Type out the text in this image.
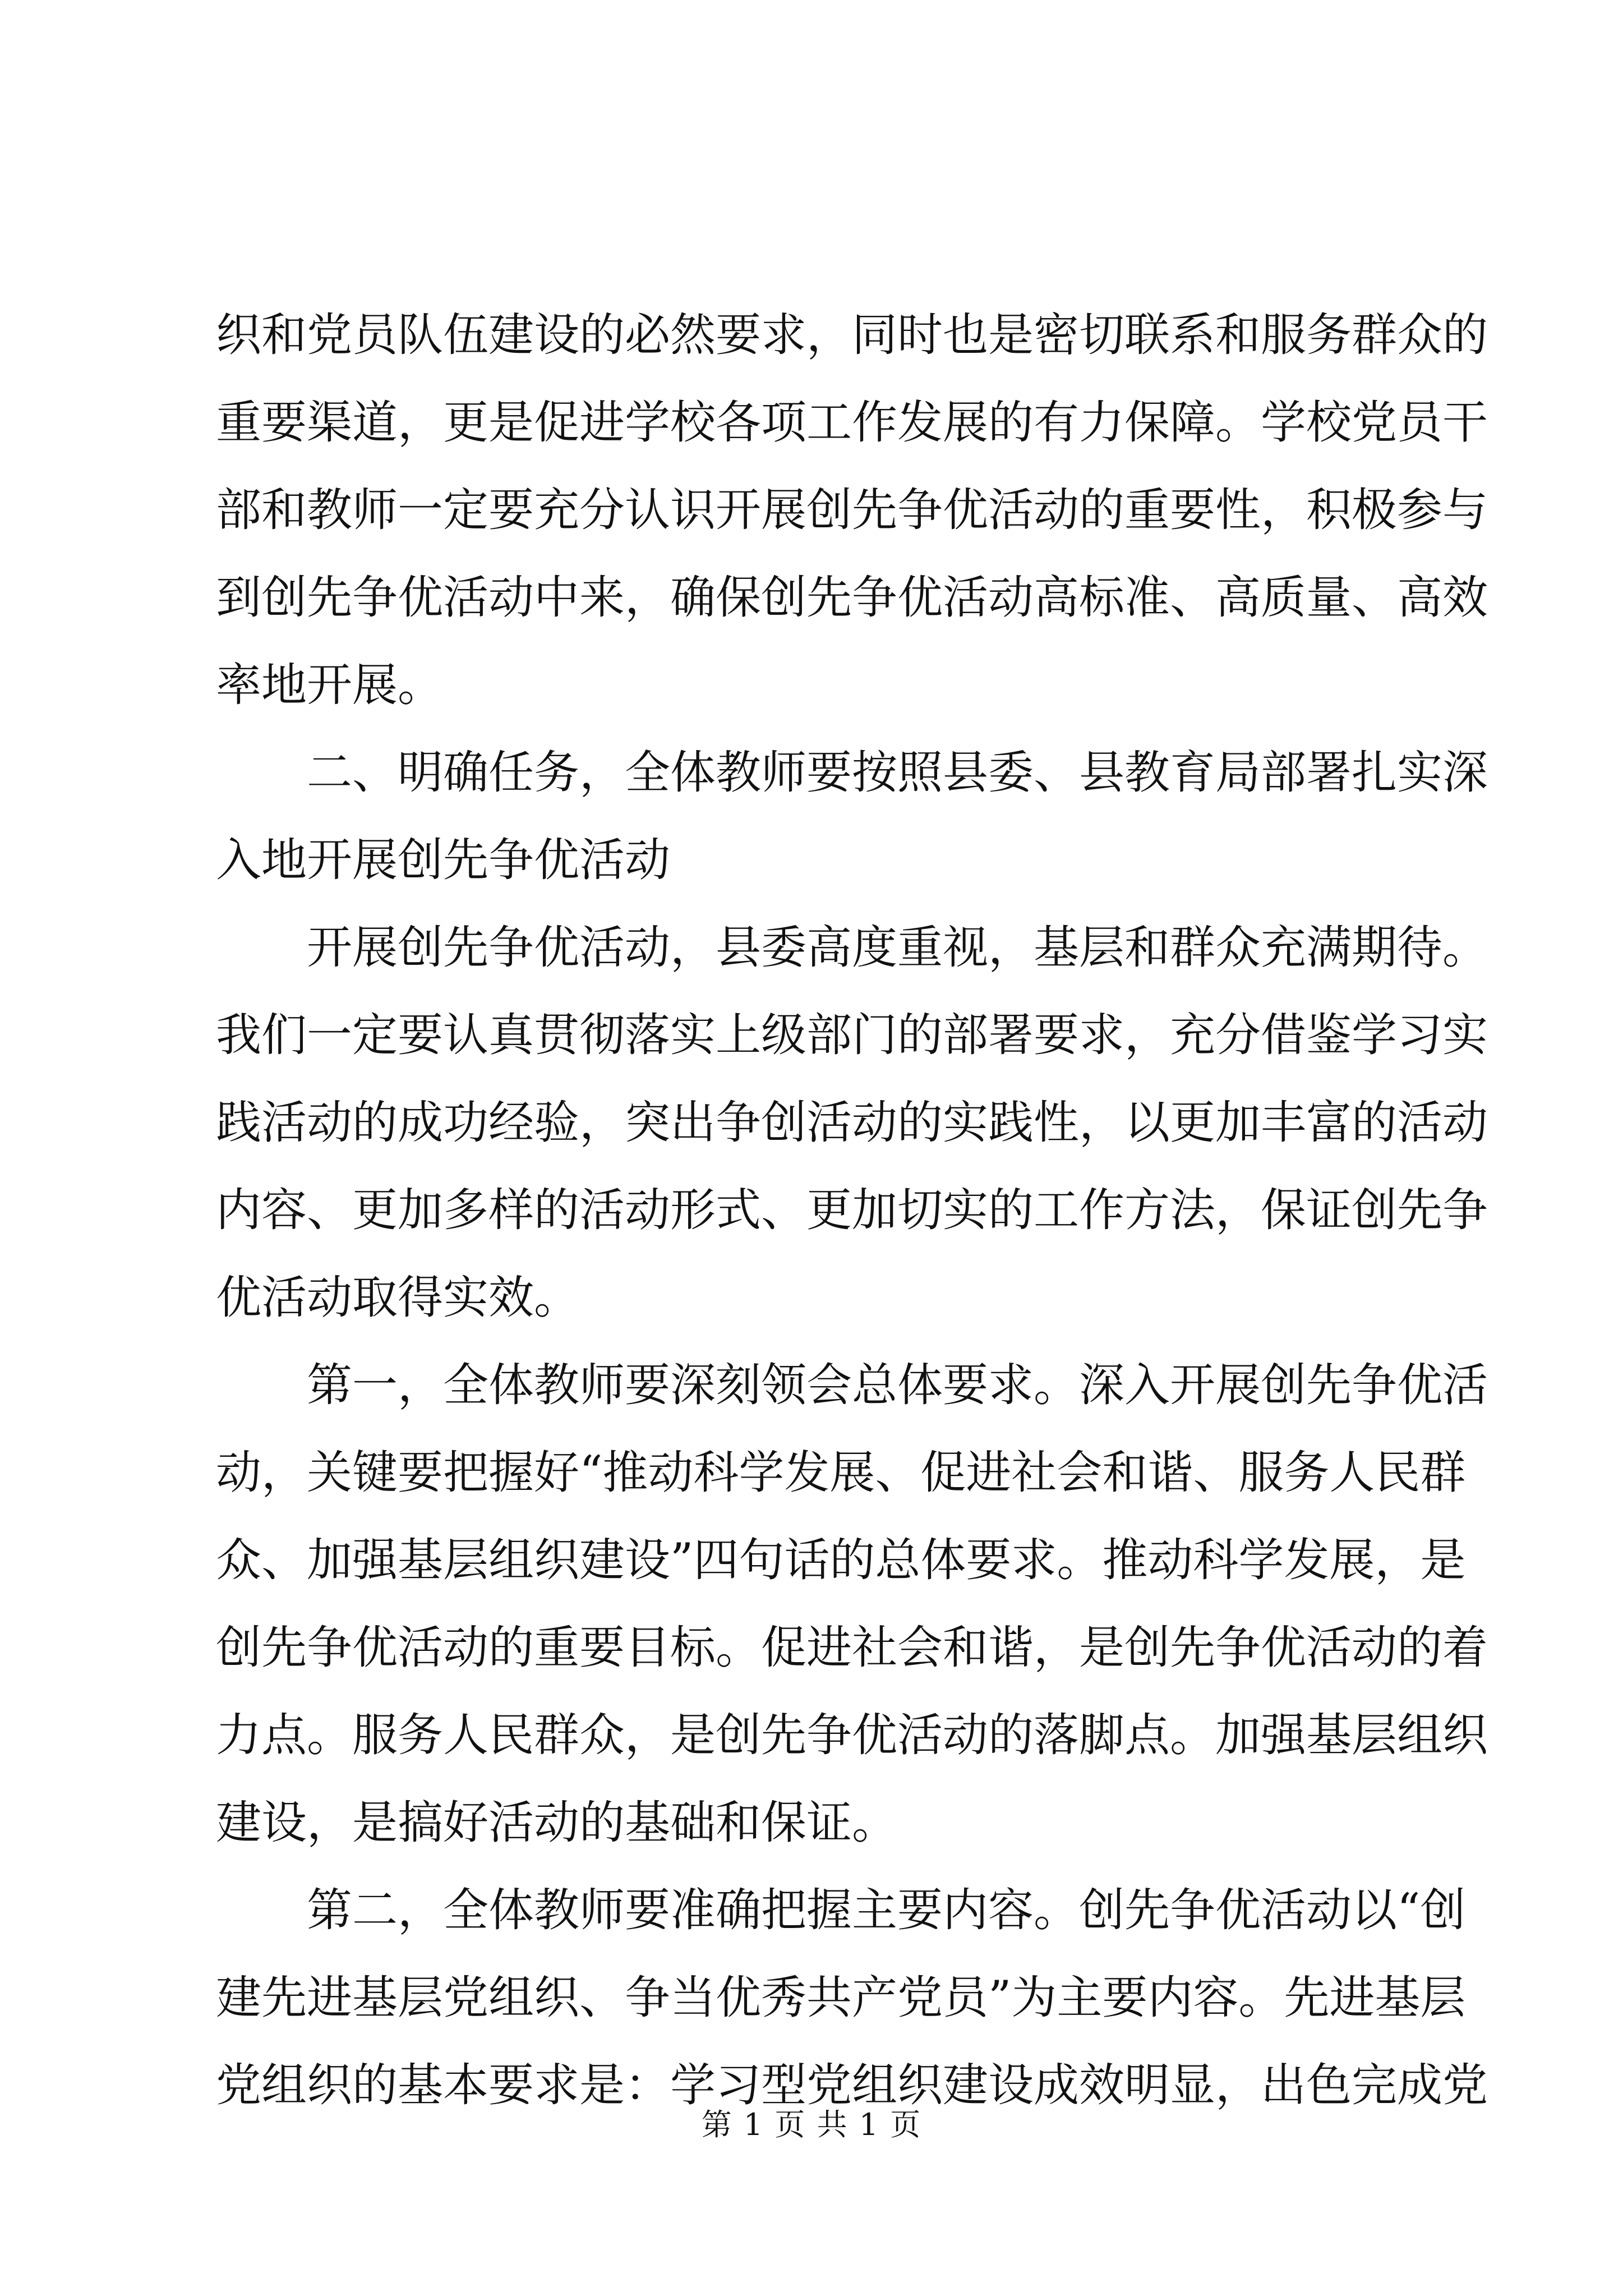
织和党员队伍建设的必然要求，同时也是密切联系和服务群众的
重要渠道，更是促进学校各项工作发展的有力保障。学校党员干
部和教师一定要充分认识开展创先争优活动的重要性，积极参与
到创先争优活动中来，确保创先争优活动高标准、高质量、高效
率地开展。
二、明确任务，全体教师要按照县委、县教育局部署扎实深
入地开展创先争优活动
开展创先争优活动，县委高度重视，基层和群众充满期待。
我们一定要认真贯彻落实上级部门的部署要求，充分借鉴学习实
践活动的成功经验，突出争创活动的实践性，以更加丰富的活动
内容、更加多样的活动形式、更加切实的工作方法，保证创先争
优活动取得实效。
第一，全体教师要深刻领会总体要求。深入开展创先争优活
动，关键要把握好“推动科学发展、促进社会和谐、服务人民群
众、加强基层组织建设”四句话的总体要求。推动科学发展，是
创先争优活动的重要目标。促进社会和谐，是创先争优活动的着
力点。服务人民群众，是创先争优活动的落脚点。加强基层组织
建设，是搞好活动的基础和保证。
第二，全体教师要准确把握主要内容。创先争优活动以“创
建先进基层党组织、争当优秀共产党员”为主要内容。先进基层
党组织的基本要求是：学习型党组织建设成效明显，出色完成党
第 1 页 共 1 页
